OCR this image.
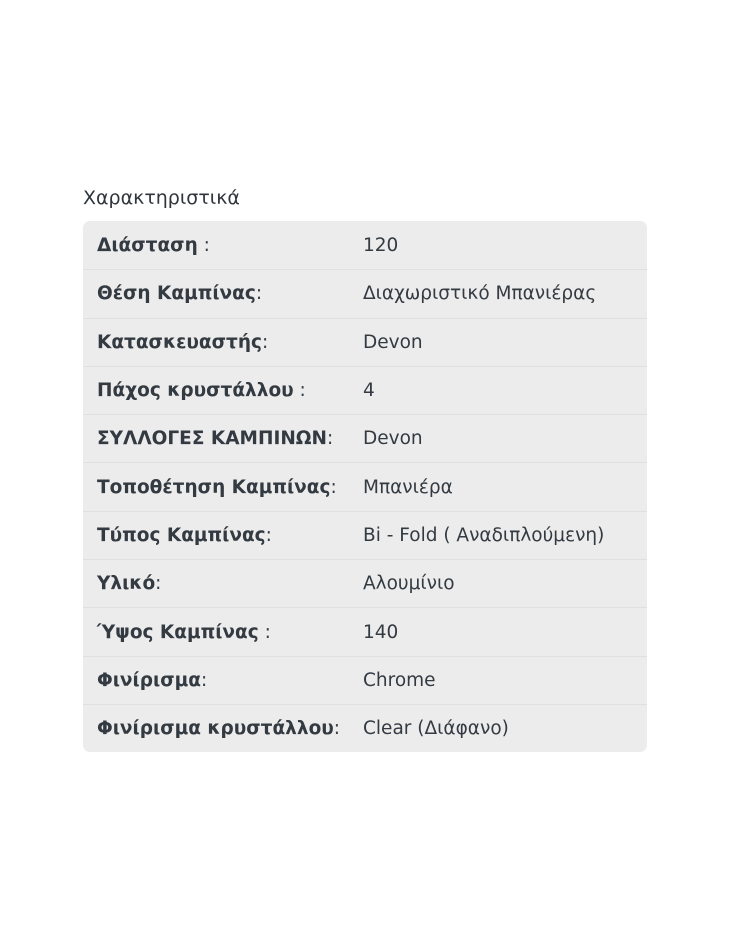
Χαρακτηριστικά
Διάσταση :	120
Θέση Καμπίνας:	Διαχωριστικό Μπανιέρας
Κατασκευαστής:	Devon
Πάχος κρυστάλλου :	4
ΣΥΛΛΟΓΕΣ ΚΑΜΠΙΝΩΝ:	Devon
Τοποθέτηση Καμπίνας:	Μπανιέρα
Τύπος Καμπίνας:	Bi - Fold ( Αναδιπλούμενη)
Υλικό:	Αλουμίνιο
Ύψος Καμπίνας :	140
Φινίρισμα:	Chrome
Φινίρισμα κρυστάλλου:	Clear (Διάφανο)
